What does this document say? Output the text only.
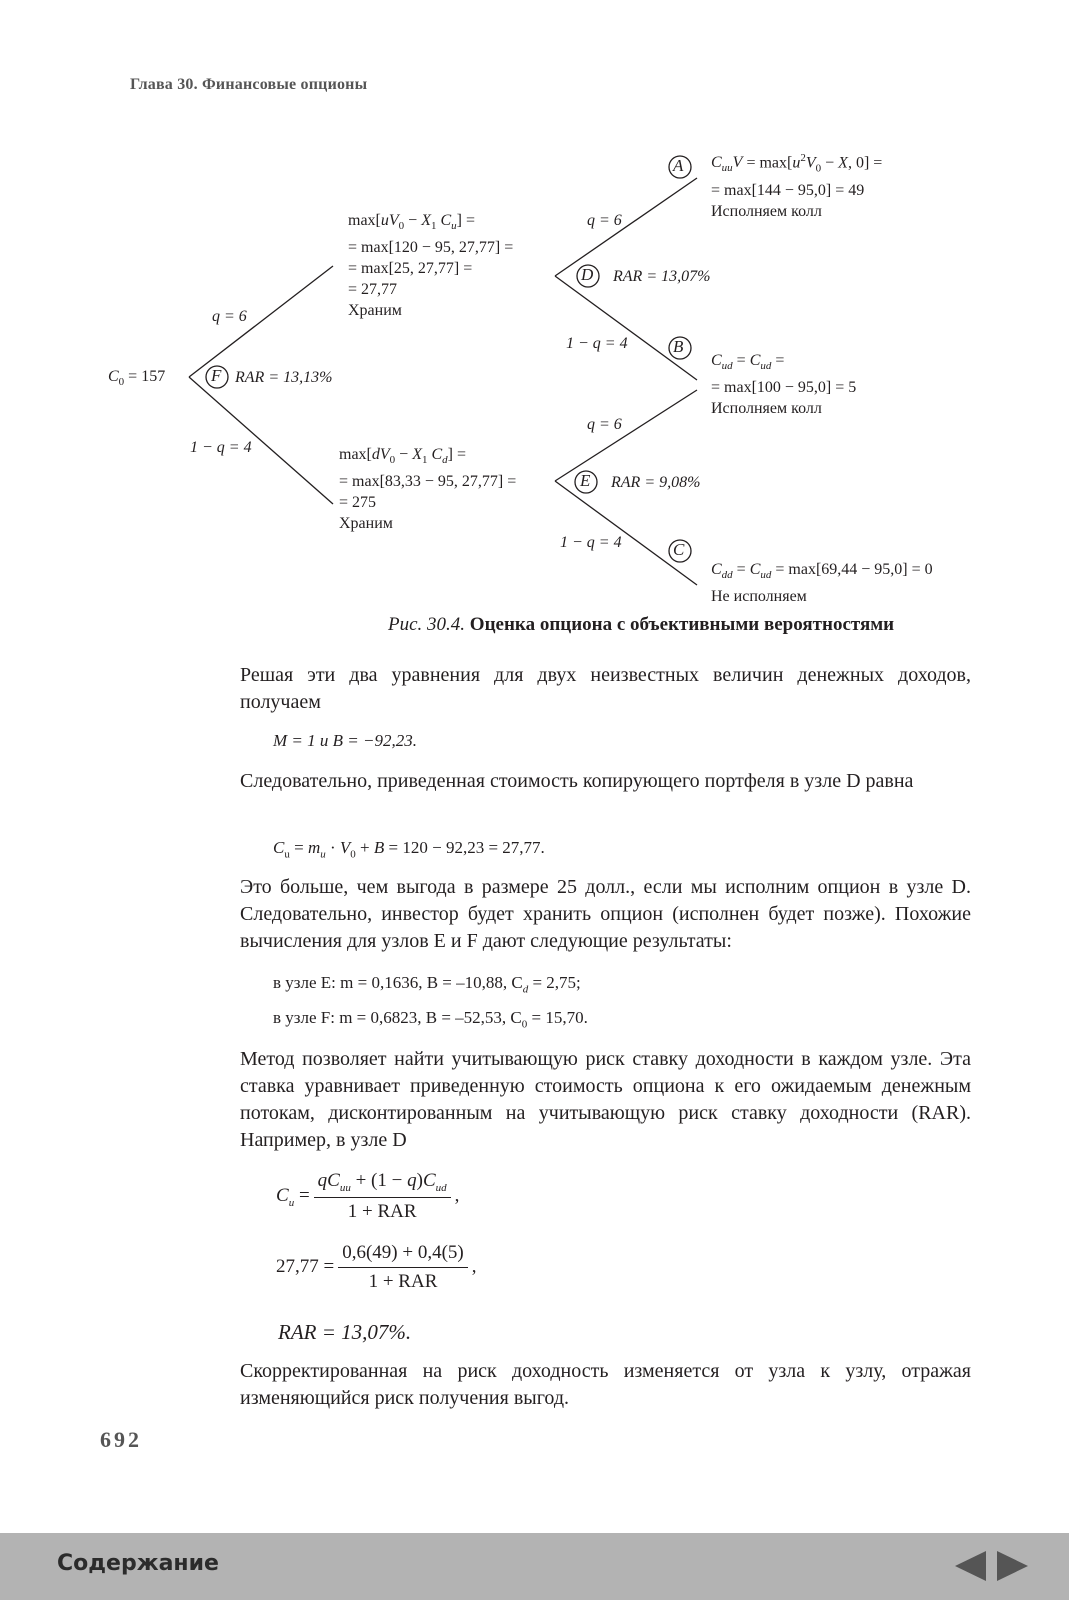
Глава 30. Финансовые опционы
F
D
E
A
B
C
$C_0 = 157$	RAR = 13,13%
RAR = 13,07%
RAR = 9,08%
q = 6
1 − q = 4
q = 6
1 − q = 4
q = 6
1 − q = 4
$\max[uV_0 - X_1$ $C_u$] =
= max[120 − 95, 27,77] =
= max[25, 27,77] =
= 27,77
Храним
$\max[dV_0 - X_1$ $C_d$] =
= max[83,33 − 95, 27,77] =
= 275
Храним
$C_{uu}V = \max[u^2V_0 - X$, 0] =
= max[144 − 95,0] = 49
Исполняем колл
$C_{ud} = C_{ud}$ =
= max[100 − 95,0] = 5
Исполняем колл
$C_{dd} = C_{ud} = \max[69,44 - 95,0] = 0$
Не исполняем
Рис. 30.4. Оценка опциона с объективными вероятностями
Решая эти два уравнения для двух неизвестных величин денежных доходов, получаем
M = 1 и B = −92,23.
Следовательно, приведенная стоимость копирующего портфеля в узле D равна
$C_u = m_u \cdot V_0 + B = 120 - 92,23 = 27,77$.
Это больше, чем выгода в размере 25 долл., если мы исполним опцион в узле D. Следовательно, инвестор будет хранить опцион (исполнен будет позже). Похожие вычисления для узлов E и F дают следующие результаты:
в узле E: m = 0,1636, B = –10,88, $C_d = 2,75$;
в узле F: m = 0,6823, B = –52,53, $C_0 = 15,70$.
Метод позволяет найти учитывающую риск ставку доходности в каждом узле. Эта ставка уравнивает приведенную стоимость опциона к его ожидаемым денежным потокам, дисконтированным на учитывающую риск ставку доходности (RAR). Например, в узле D
$C_u = \frac{qC_{uu} + (1 - q)C_{ud}}{\text{1 + RAR}}$ ,
$27,77 = \frac{0,6(49) + 0,4(5)}{\text{1 + RAR}}$ ,
RAR = 13,07%.
Скорректированная на риск доходность изменяется от узла к узлу, отражая изменяющийся риск получения выгод.
692
Содержание
